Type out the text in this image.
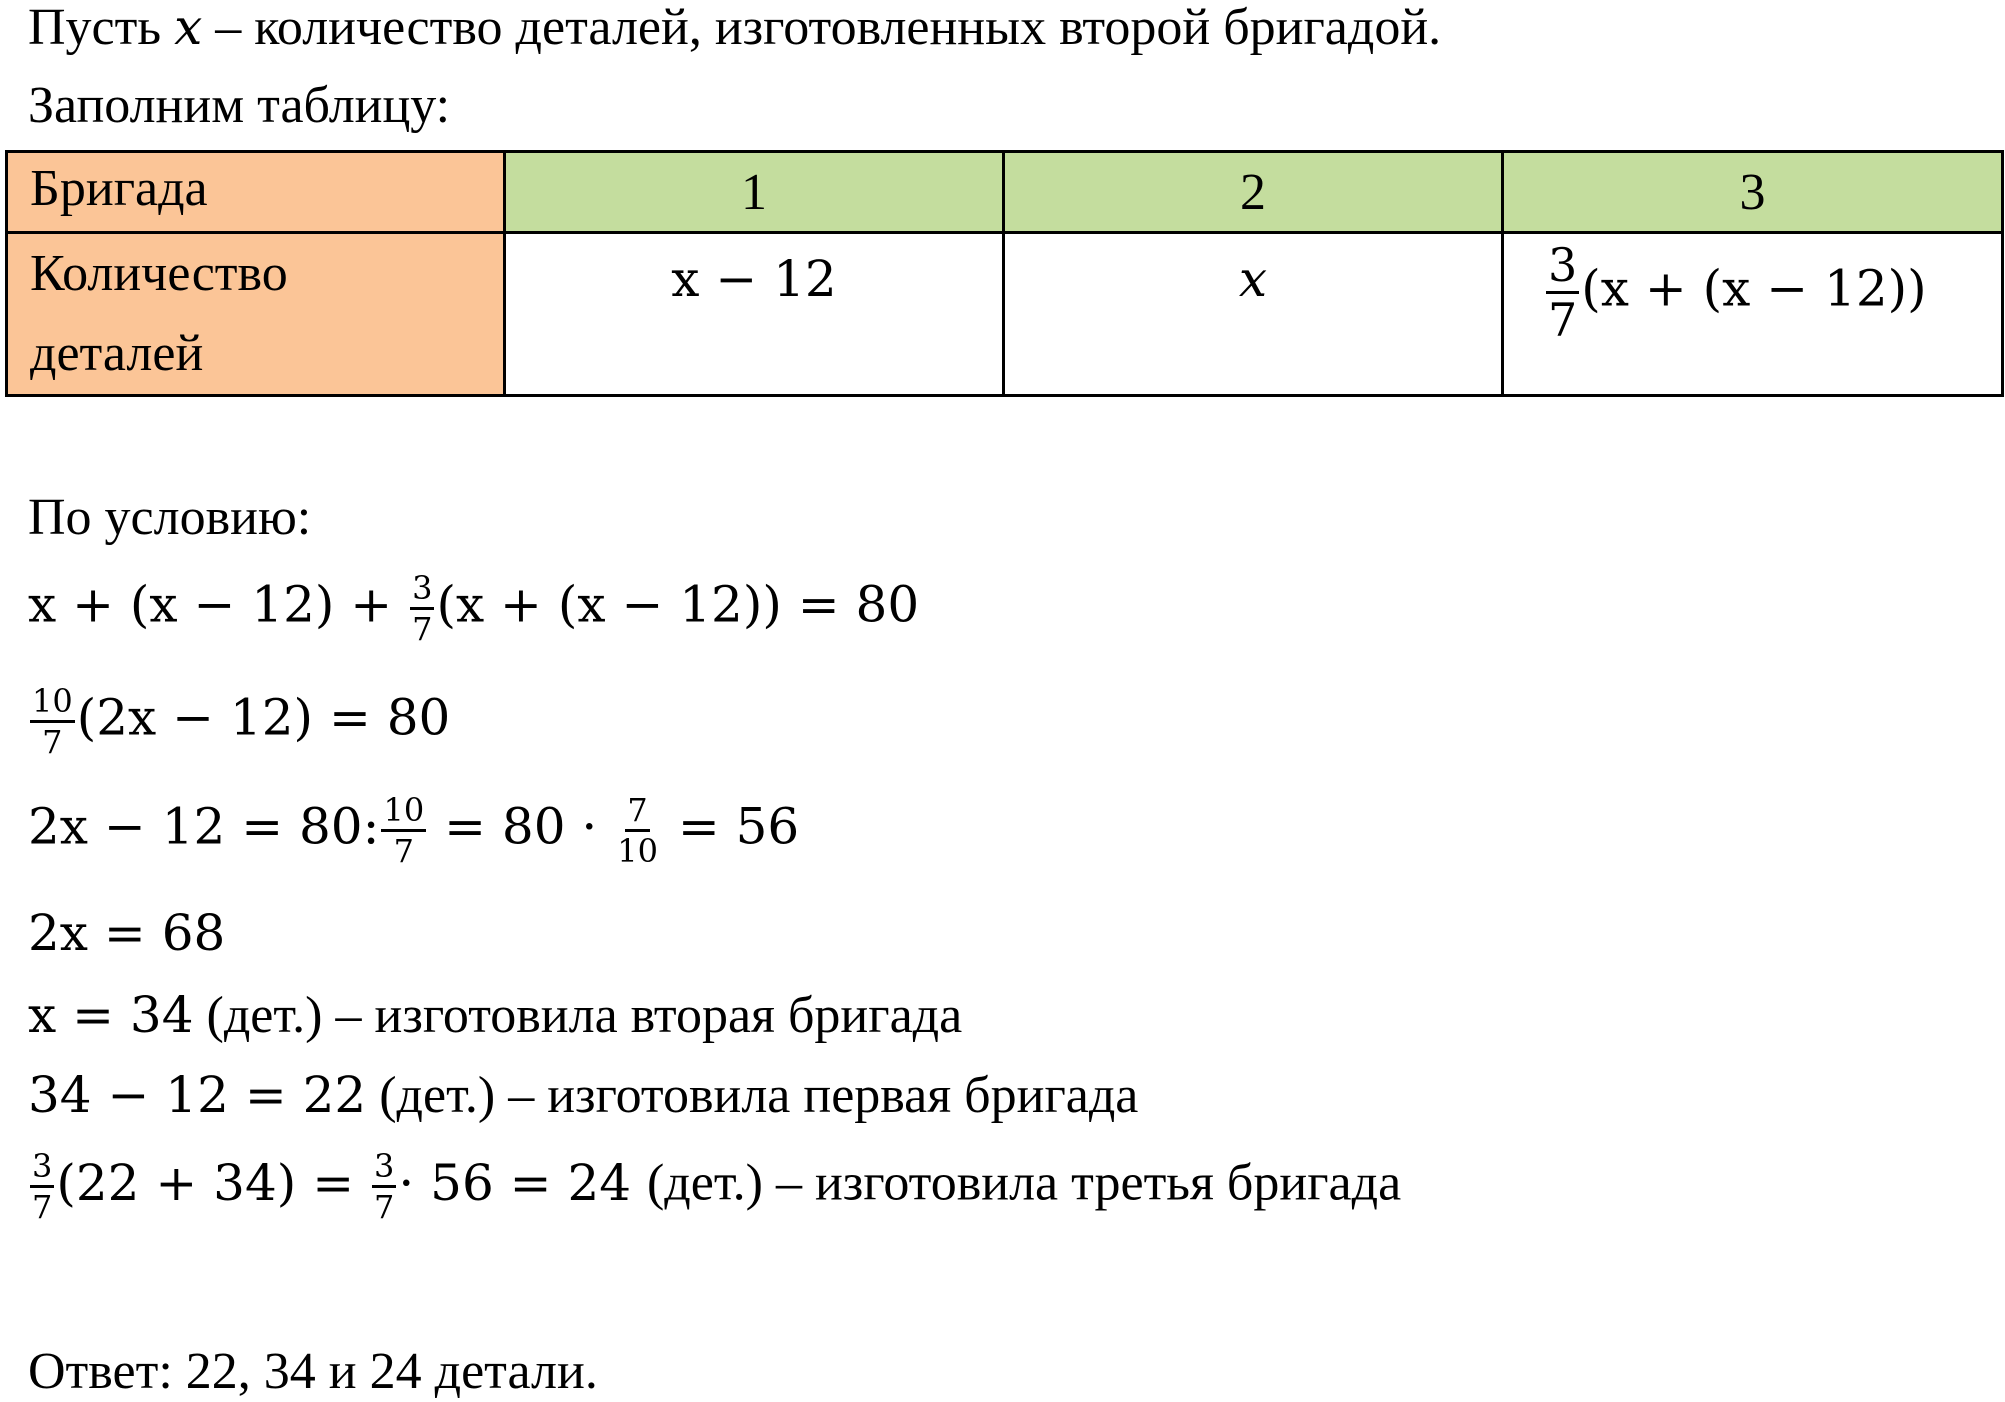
Пусть x – количество деталей, изготовленных второй бригадой.
Заполним таблицу:
Бригада	1	2	3
Количество
деталей	x − 12	x	$\frac{3}{7} (x + (x - 12))$
По условию:
$x + (x - 12) + \frac{3}{7} (x + (x - 12)) = 80$
$\frac{10}{7} (2x - 12) = 80$
2x − 12 = 80: $\frac{10}{7} = 80 \cdot \frac{7}{10} = 56$
2x = 68
x = 34 (дет.) – изготовила вторая бригада
34 − 12 = 22 (дет.) – изготовила первая бригада
$\frac{3}{7} (22 + 34) = \frac{3}{7} \cdot 56 = 24$ (дет.) – изготовила третья бригада
Ответ: 22, 34 и 24 детали.
